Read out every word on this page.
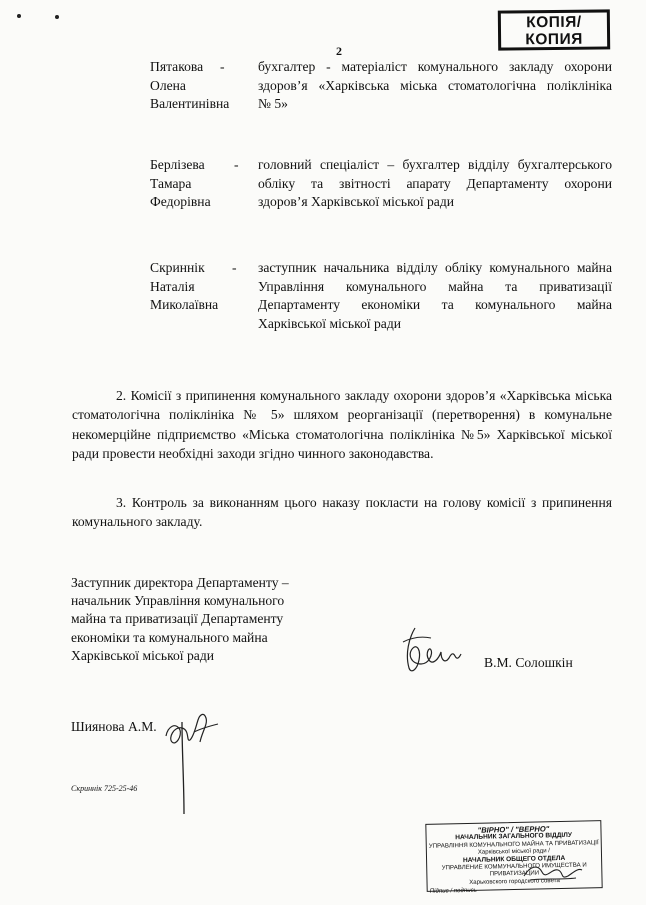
КОПІЯ/
КОПИЯ
2
Пятакова
Олена
Валентинівна
- бухгалтер - матеріаліст комунального закладу охорони
здоров’я «Харківська міська стоматологічна поліклініка
№ 5»
Берлізева
Тамара
Федорівна
- головний спеціаліст – бухгалтер відділу бухгалтерського
обліку та звітності апарату Департаменту охорони
здоров’я Харківської міської ради
Скриннік
Наталія
Миколаївна
- заступник начальника відділу обліку комунального майна
Управління комунального майна та приватизації
Департаменту економіки та комунального майна
Харківської міської ради
2. Комісії з припинення комунального закладу охорони здоров’я «Харківська міська стоматологічна поліклініка № 5» шляхом реорганізації (перетворення) в комунальне некомерційне підприємство «Міська стоматологічна поліклініка №5» Харківської міської ради провести необхідні заходи згідно чинного законодавства.
3. Контроль за виконанням цього наказу покласти на голову комісії з припинення комунального закладу.
Заступник директора Департаменту –
начальник Управління комунального
майна та приватизації Департаменту
економіки та комунального майна
Харківської міської ради	В.М. Солошкін
Шиянова А.М.
Скриннік 725-25-46
"ВІРНО" / "ВЕРНО"
НАЧАЛЬНИК ЗАГАЛЬНОГО ВІДДІЛУ
УПРАВЛІННЯ КОМУНАЛЬНОГО МАЙНА ТА ПРИВАТИЗАЦІЇ
Харківської міської ради /
НАЧАЛЬНИК ОБЩЕГО ОТДЕЛА
УПРАВЛЕНИЕ КОММУНАЛЬНОГО ИМУЩЕСТВА И ПРИВАТИЗАЦИИ
Харьковского городского совета
Підпис / подпись
